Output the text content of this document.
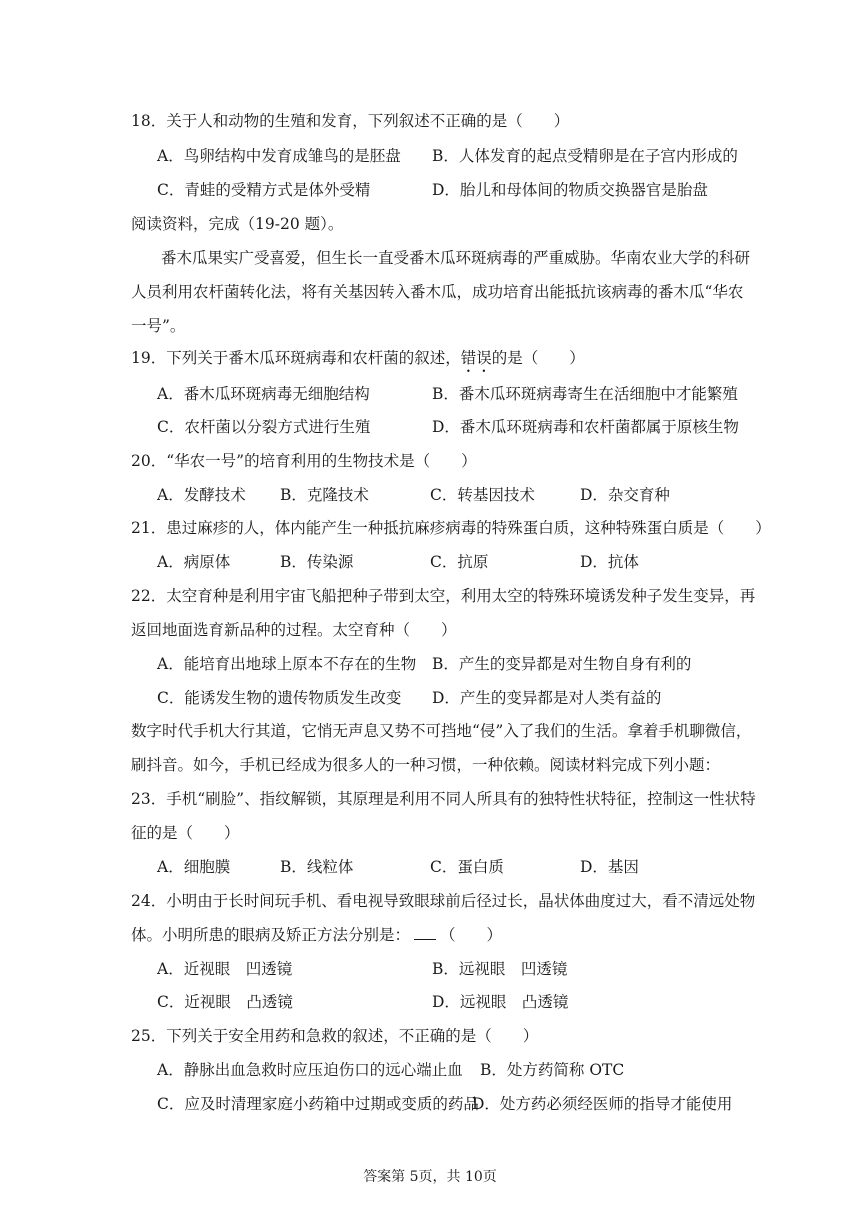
18．关于人和动物的生殖和发育，下列叙述不正确的是（　　）
A．鸟卵结构中发育成雏鸟的是胚盘 B．人体发育的起点受精卵是在子宫内形成的
C．青蛙的受精方式是体外受精	D．胎儿和母体间的物质交换器官是胎盘
阅读资料，完成（19-20 题）。
番木瓜果实广受喜爱，但生长一直受番木瓜环斑病毒的严重威胁。华南农业大学的科研
人员利用农杆菌转化法，将有关基因转入番木瓜，成功培育出能抵抗该病毒的番木瓜“华农
一号”。
19．下列关于番木瓜环斑病毒和农杆菌的叙述，错误的是（　　）
A．番木瓜环斑病毒无细胞结构	B．番木瓜环斑病毒寄生在活细胞中才能繁殖
C．农杆菌以分裂方式进行生殖	D．番木瓜环斑病毒和农杆菌都属于原核生物
20．“华农一号”的培育利用的生物技术是（　　）
A．发酵技术 B．克隆技术	C．转基因技术	D．杂交育种
21．患过麻疹的人，体内能产生一种抵抗麻疹病毒的特殊蛋白质，这种特殊蛋白质是（　　）
A．病原体	B．传染源	C．抗原	D．抗体
22．太空育种是利用宇宙飞船把种子带到太空，利用太空的特殊环境诱发种子发生变异，再
返回地面选育新品种的过程。太空育种（　　）
A．能培育出地球上原本不存在的生物 B．产生的变异都是对生物自身有利的
C．能诱发生物的遗传物质发生改变 D．产生的变异都是对人类有益的
数字时代手机大行其道，它悄无声息又势不可挡地“侵”入了我们的生活。拿着手机聊微信，
刷抖音。如今，手机已经成为很多人的一种习惯，一种依赖。阅读材料完成下列小题：
23．手机“刷脸”、指纹解锁，其原理是利用不同人所具有的独特性状特征，控制这一性状特
征的是（　　）
A．细胞膜	B．线粒体	C．蛋白质	D．基因
24．小明由于长时间玩手机、看电视导致眼球前后径过长，晶状体曲度过大，看不清远处物
体。小明所患的眼病及矫正方法分别是： （　　）
A．近视眼　凹透镜	B．远视眼　凹透镜
C．近视眼　凸透镜	D．远视眼　凸透镜
25．下列关于安全用药和急救的叙述，不正确的是（　　）
A．静脉出血急救时应压迫伤口的远心端止血 B．处方药简称 OTC
C．应及时清理家庭小药箱中过期或变质的药品
D．处方药必须经医师的指导才能使用
答案第 5页，共 10页
